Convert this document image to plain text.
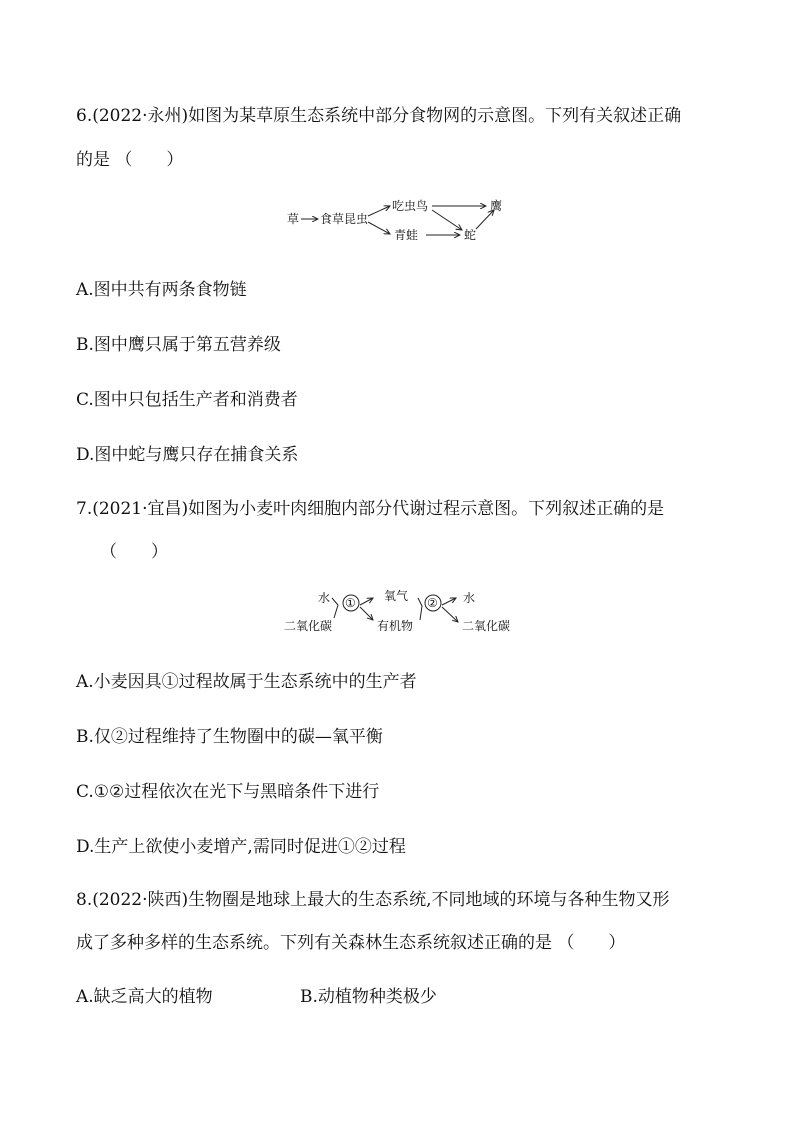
6.(2022·永州)如图为某草原生态系统中部分食物网的示意图。下列有关叙述正确
的是 （　　）
草 食草昆虫
吃虫鸟
青蛙	蛇
鹰
A.图中共有两条食物链
B.图中鹰只属于第五营养级
C.图中只包括生产者和消费者
D.图中蛇与鹰只存在捕食关系
7.(2021·宜昌)如图为小麦叶肉细胞内部分代谢过程示意图。下列叙述正确的是
（　　）
水
二氧化碳
① 氧气
有机物
② 水
二氧化碳
A.小麦因具①过程故属于生态系统中的生产者
B.仅②过程维持了生物圈中的碳—氧平衡
C.①②过程依次在光下与黑暗条件下进行
D.生产上欲使小麦增产,需同时促进①②过程
8.(2022·陕西)生物圈是地球上最大的生态系统,不同地域的环境与各种生物又形
成了多种多样的生态系统。下列有关森林生态系统叙述正确的是 （　　）
A.缺乏高大的植物	B.动植物种类极少
